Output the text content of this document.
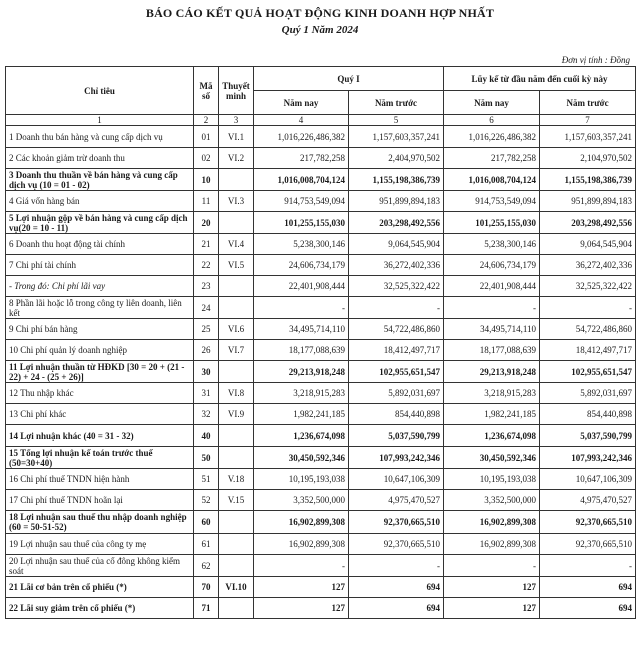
BÁO CÁO KẾT QUẢ HOẠT ĐỘNG KINH DOANH HỢP NHẤT
Quý 1 Năm 2024
Đơn vị tính : Đồng
Chỉ tiêu	Mã số	Thuyết minh	Quý I		Lũy kế từ đầu năm đến cuối kỳ này	
			Năm nay	Năm trước	Năm nay	Năm trước
1	2	3	4	5	6	7
1 Doanh thu bán hàng và cung cấp dịch vụ	01	VI.1	1,016,226,486,382	1,157,603,357,241	1,016,226,486,382	1,157,603,357,241
2 Các khoản giảm trừ doanh thu	02	VI.2	217,782,258	2,404,970,502	217,782,258	2,104,970,502
3 Doanh thu thuần về bán hàng và cung cấp dịch vụ (10 = 01 - 02)	10		1,016,008,704,124	1,155,198,386,739	1,016,008,704,124	1,155,198,386,739
4 Giá vốn hàng bán	11	VI.3	914,753,549,094	951,899,894,183	914,753,549,094	951,899,894,183
5 Lợi nhuận gộp về bán hàng và cung cấp dịch vụ(20 = 10 - 11)	20		101,255,155,030	203,298,492,556	101,255,155,030	203,298,492,556
6 Doanh thu hoạt động tài chính	21	VI.4	5,238,300,146	9,064,545,904	5,238,300,146	9,064,545,904
7 Chi phí tài chính	22	VI.5	24,606,734,179	36,272,402,336	24,606,734,179	36,272,402,336
- Trong đó: Chi phí lãi vay	23		22,401,908,444	32,525,322,422	22,401,908,444	32,525,322,422
8 Phần lãi hoặc lỗ trong công ty liên doanh, liên kết	24		-	-	-	-
9 Chi phí bán hàng	25	VI.6	34,495,714,110	54,722,486,860	34,495,714,110	54,722,486,860
10 Chi phí quản lý doanh nghiệp	26	VI.7	18,177,088,639	18,412,497,717	18,177,088,639	18,412,497,717
11 Lợi nhuận thuần từ HĐKD [30 = 20 + (21 - 22) + 24 - (25 + 26)]	30		29,213,918,248	102,955,651,547	29,213,918,248	102,955,651,547
12 Thu nhập khác	31	VI.8	3,218,915,283	5,892,031,697	3,218,915,283	5,892,031,697
13 Chi phí khác	32	VI.9	1,982,241,185	854,440,898	1,982,241,185	854,440,898
14 Lợi nhuận khác (40 = 31 - 32)	40		1,236,674,098	5,037,590,799	1,236,674,098	5,037,590,799
15 Tổng lợi nhuận kế toán trước thuế (50=30+40)	50		30,450,592,346	107,993,242,346	30,450,592,346	107,993,242,346
16 Chi phí thuế TNDN hiện hành	51	V.18	10,195,193,038	10,647,106,309	10,195,193,038	10,647,106,309
17 Chi phí thuế TNDN hoãn lại	52	V.15	3,352,500,000	4,975,470,527	3,352,500,000	4,975,470,527
18 Lợi nhuận sau thuế thu nhập doanh nghiệp (60 = 50-51-52)	60		16,902,899,308	92,370,665,510	16,902,899,308	92,370,665,510
19 Lợi nhuận sau thuế của công ty mẹ	61		16,902,899,308	92,370,665,510	16,902,899,308	92,370,665,510
20 Lợi nhuận sau thuế của cổ đông không kiểm soát	62		-	-	-	-
21 Lãi cơ bản trên cổ phiếu (*)	70	VI.10	127	694	127	694
22 Lãi suy giảm trên cổ phiếu (*)	71		127	694	127	694
